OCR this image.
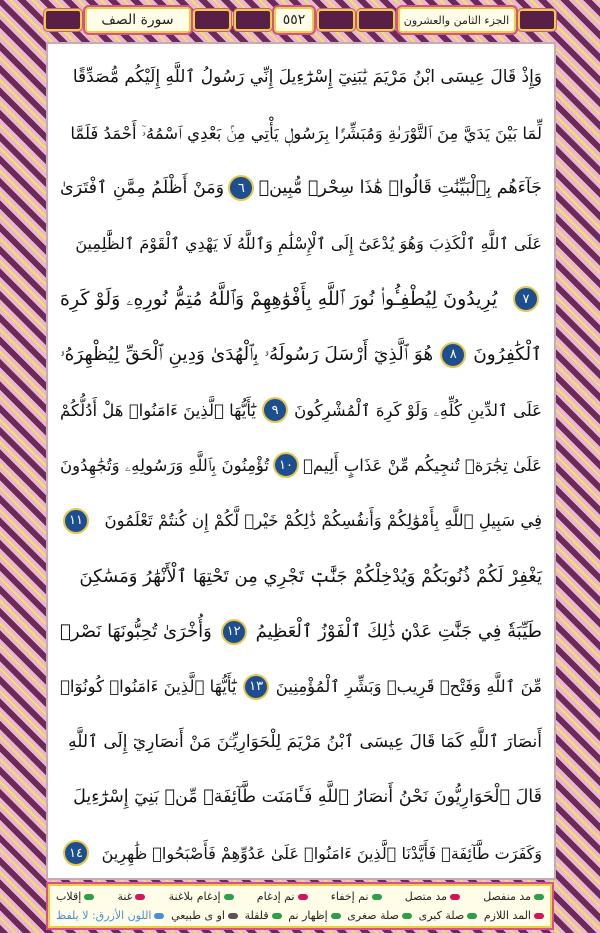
سورة الصف	٥٥٢	الجزء الثامن والعشرون
وَإِذْ قَالَ عِيسَى ابْنُ مَرْيَمَ يَٰبَنِيٓ إِسْرَٰٓءِيلَ إِنِّي رَسُولُ ٱللَّهِ إِلَيْكُم مُّصَدِّقًا
لِّمَا بَيْنَ يَدَيَّ مِنَ ٱلتَّوْرَىٰةِ وَمُبَشِّرًۢا بِرَسُولٖ يَأْتِي مِنۢ بَعْدِي ٱسْمُهُۥٓ أَحْمَدُ فَلَمَّا
جَآءَهُم بِٱلْبَيِّنَٰتِ قَالُوا۟ هَٰذَا سِحْرٞ مُّبِينٞ
٦
وَمَنْ أَظْلَمُ مِمَّنِ ٱفْتَرَىٰ
عَلَى ٱللَّهِ ٱلْكَذِبَ وَهُوَ يُدْعَىٰٓ إِلَى ٱلْإِسْلَٰمِ وَٱللَّهُ لَا يَهْدِي ٱلْقَوْمَ ٱلظَّٰلِمِينَ
٧
يُرِيدُونَ لِيُطْفِـُٔوا۟ نُورَ ٱللَّهِ بِأَفْوَٰهِهِمْ وَٱللَّهُ مُتِمُّ نُورِهِۦ وَلَوْ كَرِهَ
ٱلْكَٰفِرُونَ
٨
هُوَ ٱلَّذِيٓ أَرْسَلَ رَسُولَهُۥ بِٱلْهُدَىٰ وَدِينِ ٱلْحَقِّ لِيُظْهِرَهُۥ
عَلَى ٱلدِّينِ كُلِّهِۦ وَلَوْ كَرِهَ ٱلْمُشْرِكُونَ
٩
يَٰٓأَيُّهَا ٱلَّذِينَ ءَامَنُوا۟ هَلْ أَدُلُّكُمْ
عَلَىٰ تِجَٰرَةٖ تُنجِيكُم مِّنْ عَذَابٍ أَلِيمٖ
١٠
تُؤْمِنُونَ بِٱللَّهِ وَرَسُولِهِۦ وَتُجَٰهِدُونَ
فِي سَبِيلِ ٱللَّهِ بِأَمْوَٰلِكُمْ وَأَنفُسِكُمْ ذَٰلِكُمْ خَيْرٞ لَّكُمْ إِن كُنتُمْ تَعْلَمُونَ
١١
يَغْفِرْ لَكُمْ ذُنُوبَكُمْ وَيُدْخِلْكُمْ جَنَّٰتٖ تَجْرِي مِن تَحْتِهَا ٱلْأَنْهَٰرُ وَمَسَٰكِنَ
طَيِّبَةٗ فِي جَنَّٰتِ عَدْنٖ ذَٰلِكَ ٱلْفَوْزُ ٱلْعَظِيمُ
١٢
وَأُخْرَىٰ تُحِبُّونَهَا نَصْرٞ
مِّنَ ٱللَّهِ وَفَتْحٞ قَرِيبٞ وَبَشِّرِ ٱلْمُؤْمِنِينَ
١٣
يَٰٓأَيُّهَا ٱلَّذِينَ ءَامَنُوا۟ كُونُوٓا۟
أَنصَارَ ٱللَّهِ كَمَا قَالَ عِيسَى ٱبْنُ مَرْيَمَ لِلْحَوَارِيِّـۧنَ مَنْ أَنصَارِيٓ إِلَى ٱللَّهِ
قَالَ ٱلْحَوَارِيُّونَ نَحْنُ أَنصَارُ ٱللَّهِ فَـَٔامَنَت طَّآئِفَةٞ مِّنۢ بَنِيٓ إِسْرَٰٓءِيلَ
وَكَفَرَت طَّآئِفَةٞ فَأَيَّدْنَا ٱلَّذِينَ ءَامَنُوا۟ عَلَىٰ عَدُوِّهِمْ فَأَصْبَحُوا۟ ظَٰهِرِينَ
١٤
مد منفصل
مد متصل
نم إخفاء
نم إدغام
إدغام بلاغنة
غنة
إقلاب
المد اللازم
صلة كبرى
صلة صغرى
إظهار نم
قلقلة
او ى طبيعي
اللون الأزرق: لا يلفظ
